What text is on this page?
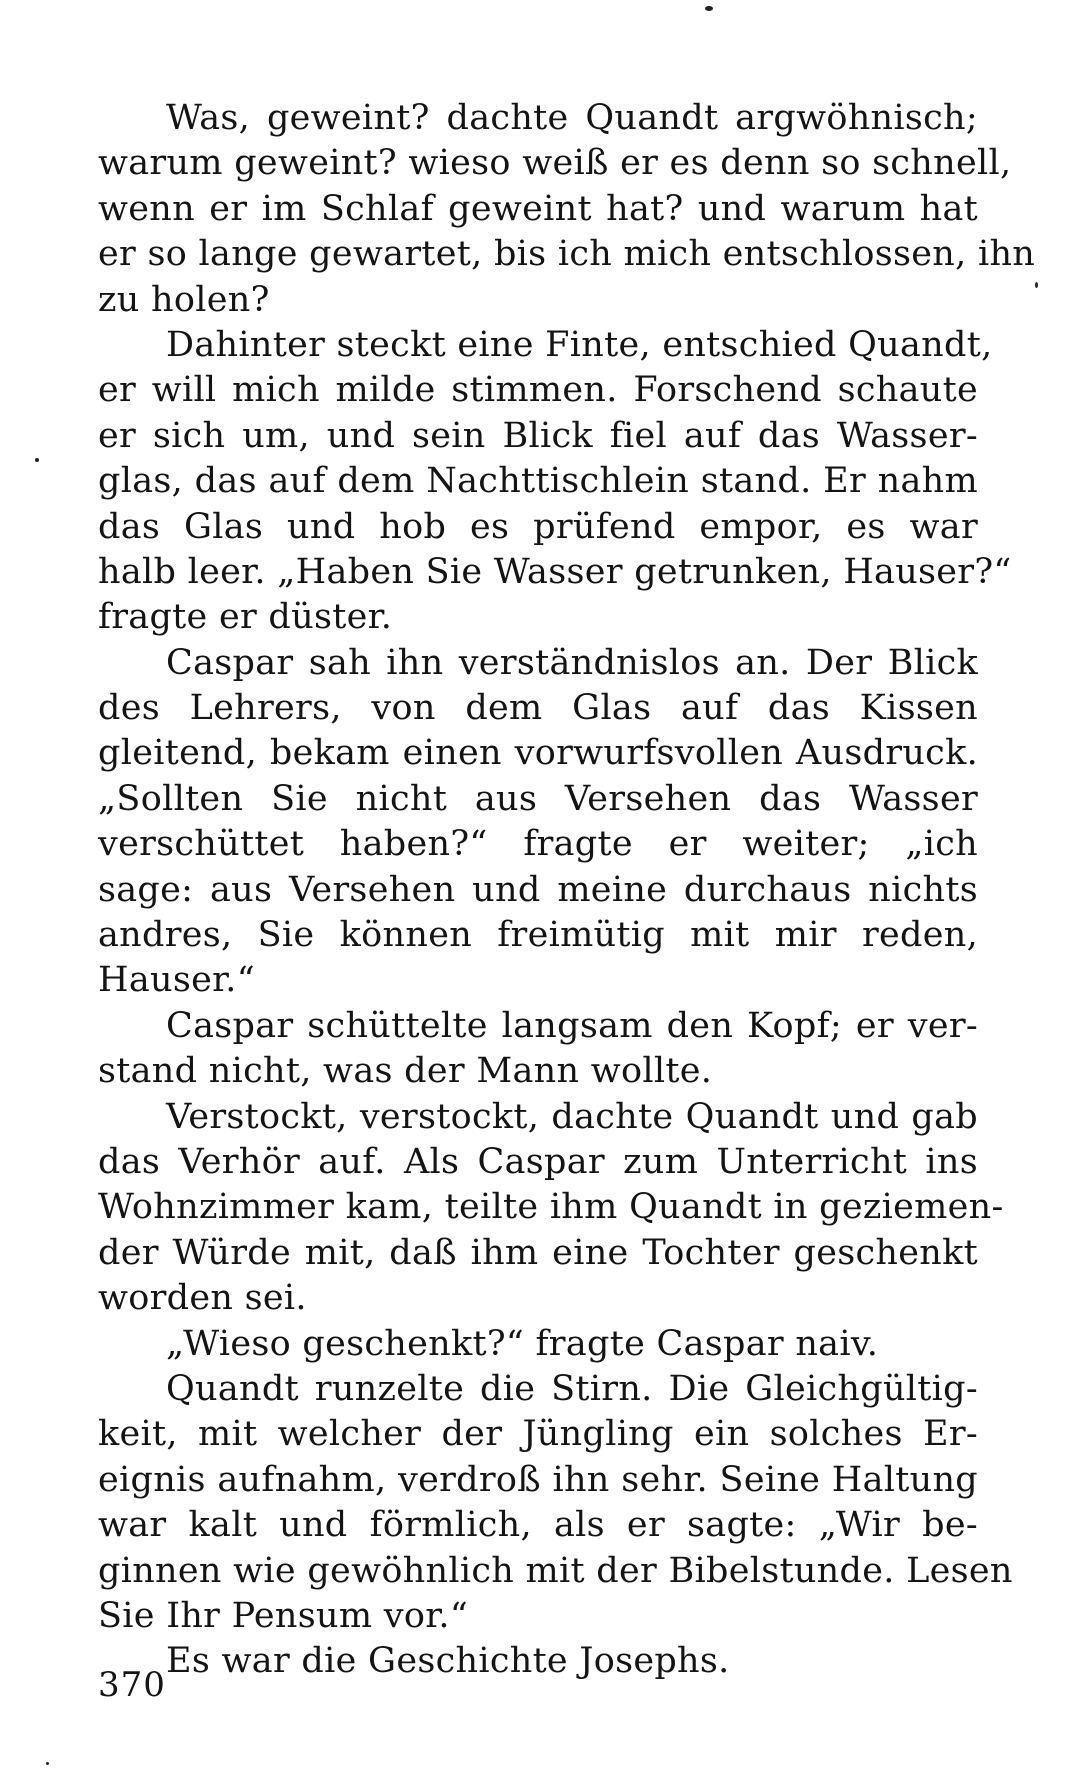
Was, geweint? dachte Quandt argwöhnisch;
warum geweint? wieso weiß er es denn so schnell,
wenn er im Schlaf geweint hat? und warum hat
er so lange gewartet, bis ich mich entschlossen, ihn
zu holen?
Dahinter steckt eine Finte, entschied Quandt,
er will mich milde stimmen. Forschend schaute
er sich um, und sein Blick fiel auf das Wasser-
glas, das auf dem Nachttischlein stand. Er nahm
das Glas und hob es prüfend empor, es war
halb leer. „Haben Sie Wasser getrunken, Hauser?“
fragte er düster.
Caspar sah ihn verständnislos an. Der Blick
des Lehrers, von dem Glas auf das Kissen
gleitend, bekam einen vorwurfsvollen Ausdruck.
„Sollten Sie nicht aus Versehen das Wasser
verschüttet haben?“ fragte er weiter; „ich
sage: aus Versehen und meine durchaus nichts
andres, Sie können freimütig mit mir reden,
Hauser.“
Caspar schüttelte langsam den Kopf; er ver-
stand nicht, was der Mann wollte.
Verstockt, verstockt, dachte Quandt und gab
das Verhör auf. Als Caspar zum Unterricht ins
Wohnzimmer kam, teilte ihm Quandt in geziemen-
der Würde mit, daß ihm eine Tochter geschenkt
worden sei.
„Wieso geschenkt?“ fragte Caspar naiv.
Quandt runzelte die Stirn. Die Gleichgültig-
keit, mit welcher der Jüngling ein solches Er-
eignis aufnahm, verdroß ihn sehr. Seine Haltung
war kalt und förmlich, als er sagte: „Wir be-
ginnen wie gewöhnlich mit der Bibelstunde. Lesen
Sie Ihr Pensum vor.“
Es war die Geschichte Josephs.
370
